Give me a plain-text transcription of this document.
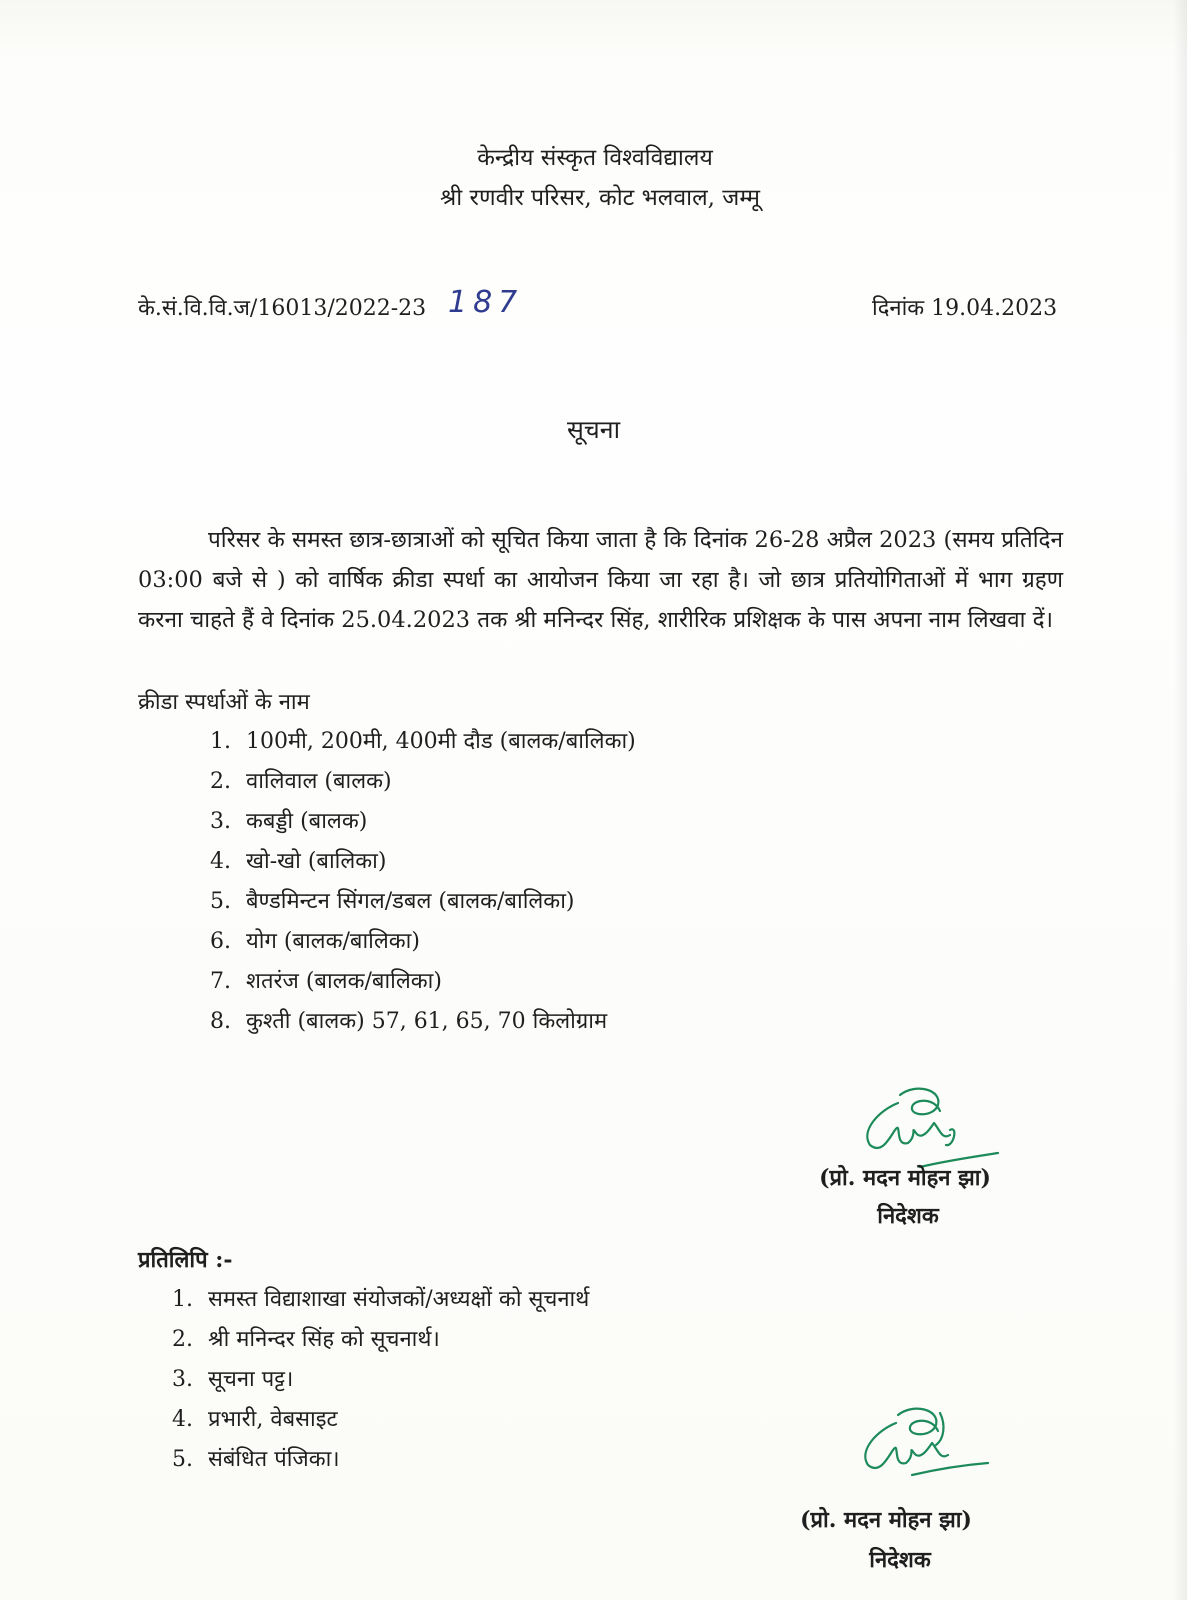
केन्द्रीय संस्कृत विश्वविद्यालय
श्री रणवीर परिसर, कोट भलवाल, जम्मू
के.सं.वि.वि.ज/16013/2022-23 187	दिनांक 19.04.2023
सूचना
परिसर के समस्त छात्र-छात्राओं को सूचित किया जाता है कि दिनांक 26-28 अप्रैल 2023 (समय प्रतिदिन 03:00 बजे से ) को वार्षिक क्रीडा स्पर्धा का आयोजन किया जा रहा है। जो छात्र प्रतियोगिताओं में भाग ग्रहण करना चाहते हैं वे दिनांक 25.04.2023 तक श्री मनिन्दर सिंह, शारीरिक प्रशिक्षक के पास अपना नाम लिखवा दें।
क्रीडा स्पर्धाओं के नाम
1. 100मी, 200मी, 400मी दौड (बालक/बालिका)
2. वालिवाल (बालक)
3. कबड्डी (बालक)
4. खो-खो (बालिका)
5. बैण्डमिन्टन सिंगल/डबल (बालक/बालिका)
6. योग (बालक/बालिका)
7. शतरंज (बालक/बालिका)
8. कुश्ती (बालक) 57, 61, 65, 70 किलोग्राम
(प्रो. मदन मोहन झा)
निदेशक
प्रतिलिपि :-
1. समस्त विद्याशाखा संयोजकों/अध्यक्षों को सूचनार्थ
2. श्री मनिन्दर सिंह को सूचनार्थ।
3. सूचना पट्ट।
4. प्रभारी, वेबसाइट
5. संबंधित पंजिका।
(प्रो. मदन मोहन झा)
निदेशक
